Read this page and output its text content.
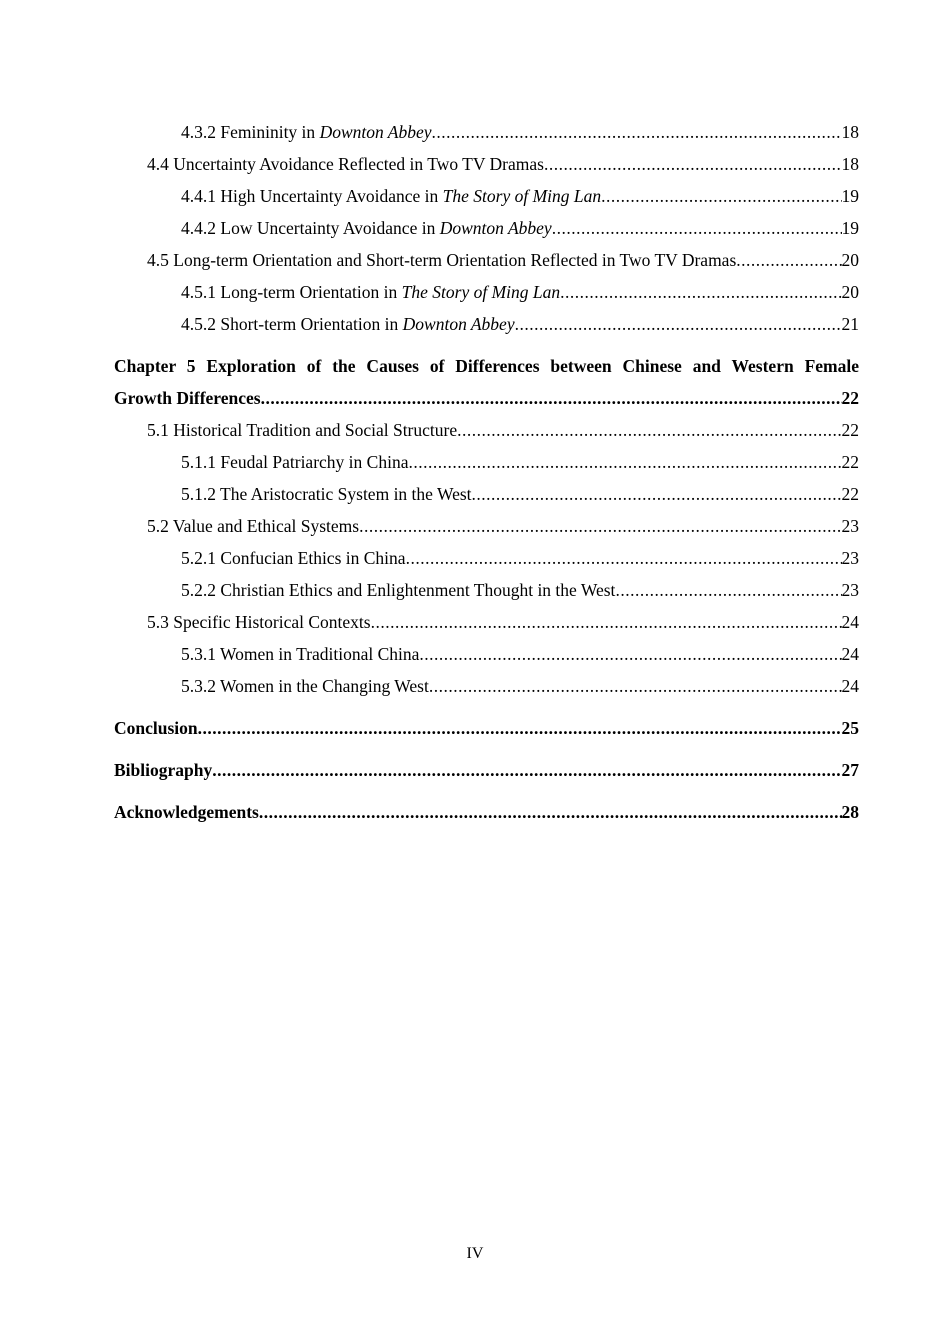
4.3.2 Femininity in Downton Abbey .....	18
4.4 Uncertainty Avoidance Reflected in Two TV Dramas .....	18
4.4.1 High Uncertainty Avoidance in The Story of Ming Lan .....	19
4.4.2 Low Uncertainty Avoidance in Downton Abbey .....	19
4.5 Long-term Orientation and Short-term Orientation Reflected in Two TV Dramas .....	20
4.5.1 Long-term Orientation in The Story of Ming Lan .....	20
4.5.2 Short-term Orientation in Downton Abbey .....	21
Chapter 5 Exploration of the Causes of Differences between Chinese and Western Female
Growth Differences .....	22
5.1 Historical Tradition and Social Structure .....	22
5.1.1 Feudal Patriarchy in China .....	22
5.1.2 The Aristocratic System in the West .....	22
5.2 Value and Ethical Systems .....	23
5.2.1 Confucian Ethics in China .....	23
5.2.2 Christian Ethics and Enlightenment Thought in the West .....	23
5.3 Specific Historical Contexts .....	24
5.3.1 Women in Traditional China .....	24
5.3.2 Women in the Changing West .....	24
Conclusion .....	25
Bibliography .....	27
Acknowledgements .....	28
IV
